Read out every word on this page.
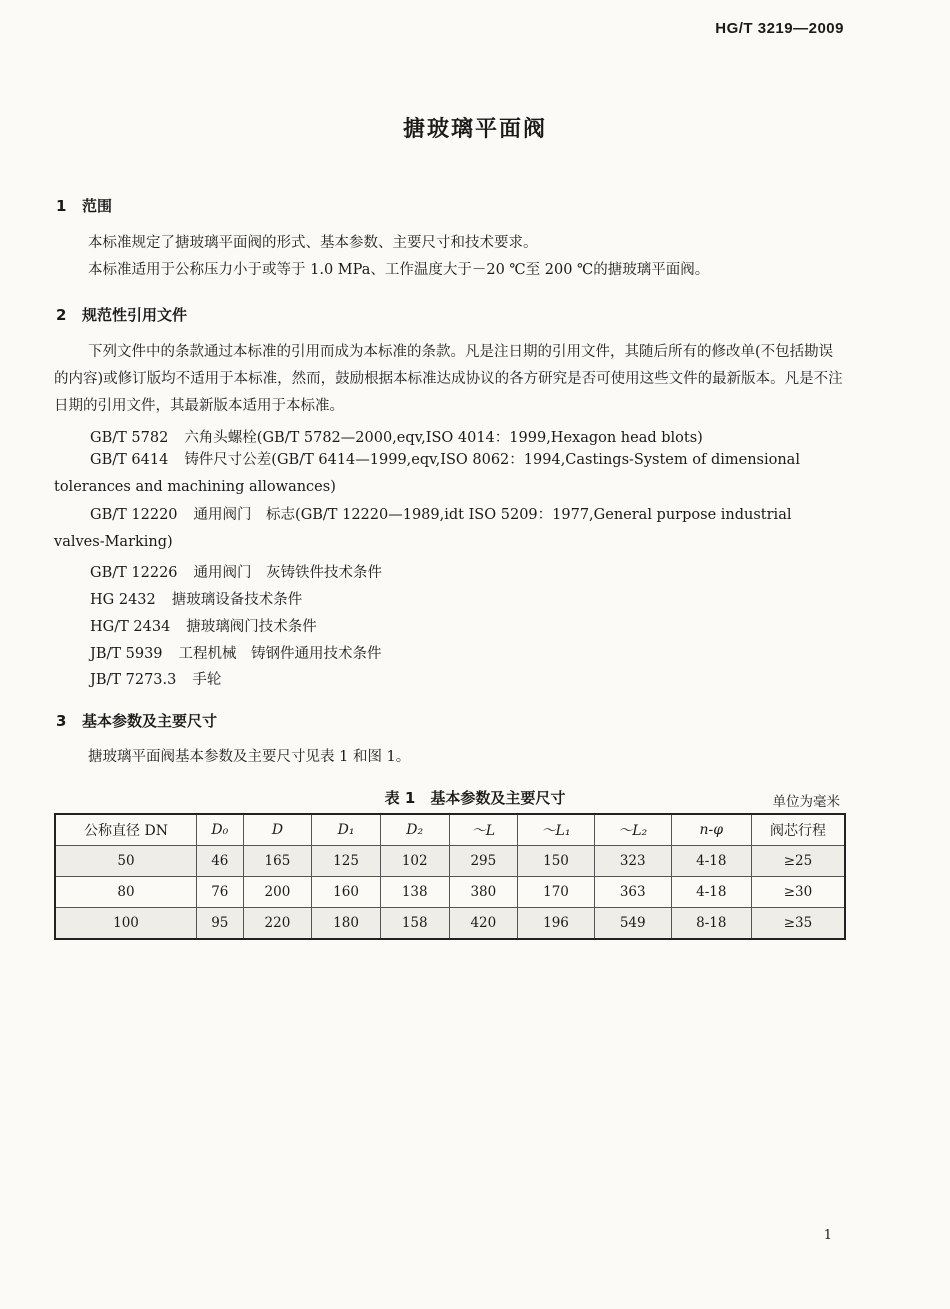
HG/T 3219—2009
搪玻璃平面阀
1 范围
本标准规定了搪玻璃平面阀的形式、基本参数、主要尺寸和技术要求。
本标准适用于公称压力小于或等于 1.0 MPa、工作温度大于－20 ℃至 200 ℃的搪玻璃平面阀。
2 规范性引用文件
下列文件中的条款通过本标准的引用而成为本标准的条款。凡是注日期的引用文件，其随后所有的修改单(不包括勘误的内容)或修订版均不适用于本标准，然而，鼓励根据本标准达成协议的各方研究是否可使用这些文件的最新版本。凡是不注日期的引用文件，其最新版本适用于本标准。
GB/T 5782 六角头螺栓(GB/T 5782—2000,eqv,ISO 4014：1999,Hexagon head blots)
GB/T 6414 铸件尺寸公差(GB/T 6414—1999,eqv,ISO 8062：1994,Castings-System of dimensional tolerances and machining allowances)
GB/T 12220 通用阀门　标志(GB/T 12220—1989,idt ISO 5209：1977,General purpose industrial valves-Marking)
GB/T 12226 通用阀门　灰铸铁件技术条件
HG 2432 搪玻璃设备技术条件
HG/T 2434 搪玻璃阀门技术条件
JB/T 5939 工程机械　铸钢件通用技术条件
JB/T 7273.3 手轮
3 基本参数及主要尺寸
搪玻璃平面阀基本参数及主要尺寸见表 1 和图 1。
表 1　基本参数及主要尺寸	单位为毫米
公称直径 DN	D₀	D	D₁	D₂	～L	～L₁	～L₂	n-φ	阀芯行程
50	46	165	125	102	295	150	323	4-18	≥25
80	76	200	160	138	380	170	363	4-18	≥30
100	95	220	180	158	420	196	549	8-18	≥35
1
